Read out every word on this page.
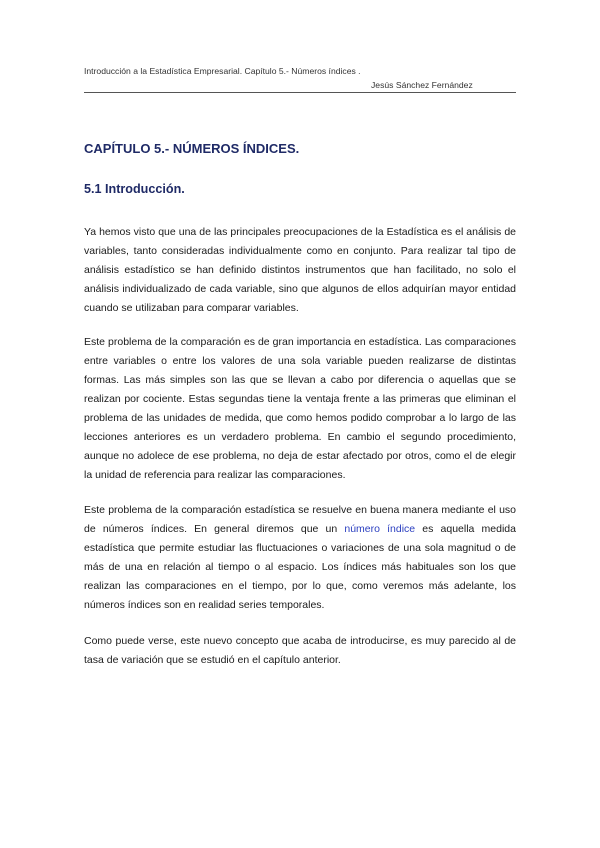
Introducción a la Estadística Empresarial. Capítulo 5.- Números índices .
Jesús Sánchez Fernández
CAPÍTULO 5.- NÚMEROS ÍNDICES.
5.1 Introducción.

Ya hemos visto que una de las principales preocupaciones de la Estadística es el análisis de variables, tanto consideradas individualmente como en conjunto. Para realizar tal tipo de análisis estadístico se han definido distintos instrumentos que han facilitado, no solo el análisis individualizado de cada variable, sino que algunos de ellos adquirían mayor entidad cuando se utilizaban para comparar variables.

Este problema de la comparación es de gran importancia en estadística. Las comparaciones entre variables o entre los valores de una sola variable pueden realizarse de distintas formas. Las más simples son las que se llevan a cabo por diferencia o aquellas que se realizan por cociente. Estas segundas tiene la ventaja frente a las primeras que eliminan el problema de las unidades de medida, que como hemos podido comprobar a lo largo de las lecciones anteriores es un verdadero problema. En cambio el segundo procedimiento, aunque no adolece de ese problema, no deja de estar afectado por otros, como el de elegir la unidad de referencia para realizar las comparaciones.

Este problema de la comparación estadística se resuelve en buena manera mediante el uso de números índices. En general diremos que un número índice es aquella medida estadística que permite estudiar las fluctuaciones o variaciones de una sola magnitud o de más de una en relación al tiempo o al espacio. Los índices más habituales son los que realizan las comparaciones en el tiempo, por lo que, como veremos más adelante, los números índices son en realidad series temporales.

Como puede verse, este nuevo concepto que acaba de introducirse, es muy parecido al de tasa de variación que se estudió en el capítulo anterior.
